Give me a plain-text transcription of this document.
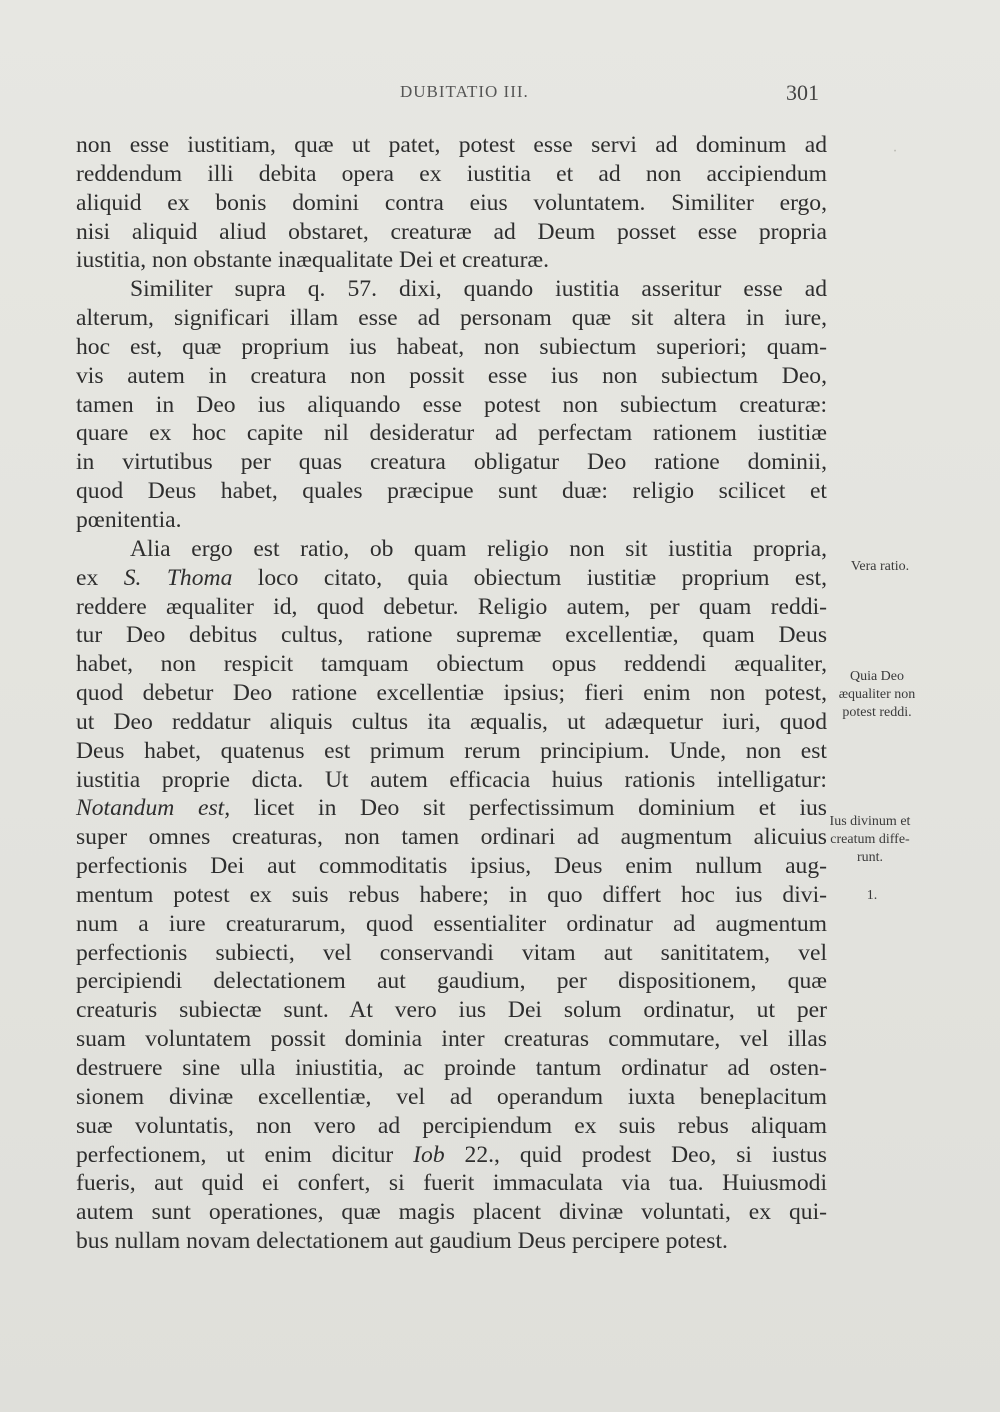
DUBITATIO III.	301
·
non esse iustitiam, quæ ut patet, potest esse servi ad dominum ad
reddendum illi debita opera ex iustitia et ad non accipiendum
aliquid ex bonis domini contra eius voluntatem. Similiter ergo,
nisi aliquid aliud obstaret, creaturæ ad Deum posset esse propria
iustitia, non obstante inæqualitate Dei et creaturæ.
Similiter supra q. 57. dixi, quando iustitia asseritur esse ad
alterum, significari illam esse ad personam quæ sit altera in iure,
hoc est, quæ proprium ius habeat, non subiectum superiori; quam-
vis autem in creatura non possit esse ius non subiectum Deo,
tamen in Deo ius aliquando esse potest non subiectum creaturæ:
quare ex hoc capite nil desideratur ad perfectam rationem iustitiæ
in virtutibus per quas creatura obligatur Deo ratione dominii,
quod Deus habet, quales præcipue sunt duæ: religio scilicet et
pœnitentia.
Alia ergo est ratio, ob quam religio non sit iustitia propria,
ex S. Thoma loco citato, quia obiectum iustitiæ proprium est,
reddere æqualiter id, quod debetur. Religio autem, per quam reddi-
tur Deo debitus cultus, ratione supremæ excellentiæ, quam Deus
habet, non respicit tamquam obiectum opus reddendi æqualiter,
quod debetur Deo ratione excellentiæ ipsius; fieri enim non potest,
ut Deo reddatur aliquis cultus ita æqualis, ut adæquetur iuri, quod
Deus habet, quatenus est primum rerum principium. Unde, non est
iustitia proprie dicta. Ut autem efficacia huius rationis intelligatur:
Notandum est, licet in Deo sit perfectissimum dominium et ius
super omnes creaturas, non tamen ordinari ad augmentum alicuius
perfectionis Dei aut commoditatis ipsius, Deus enim nullum aug-
mentum potest ex suis rebus habere; in quo differt hoc ius divi-
num a iure creaturarum, quod essentialiter ordinatur ad augmentum
perfectionis subiecti, vel conservandi vitam aut sanititatem, vel
percipiendi delectationem aut gaudium, per dispositionem, quæ
creaturis subiectæ sunt. At vero ius Dei solum ordinatur, ut per
suam voluntatem possit dominia inter creaturas commutare, vel illas
destruere sine ulla iniustitia, ac proinde tantum ordinatur ad osten-
sionem divinæ excellentiæ, vel ad operandum iuxta beneplacitum
suæ voluntatis, non vero ad percipiendum ex suis rebus aliquam
perfectionem, ut enim dicitur Iob 22., quid prodest Deo, si iustus
fueris, aut quid ei confert, si fuerit immaculata via tua. Huiusmodi
autem sunt operationes, quæ magis placent divinæ voluntati, ex qui-
bus nullam novam delectationem aut gaudium Deus percipere potest.
Vera ratio.
Quia Deo
æqualiter non
potest reddi.
Ius divinum et
creatum diffe-
runt.
1.
